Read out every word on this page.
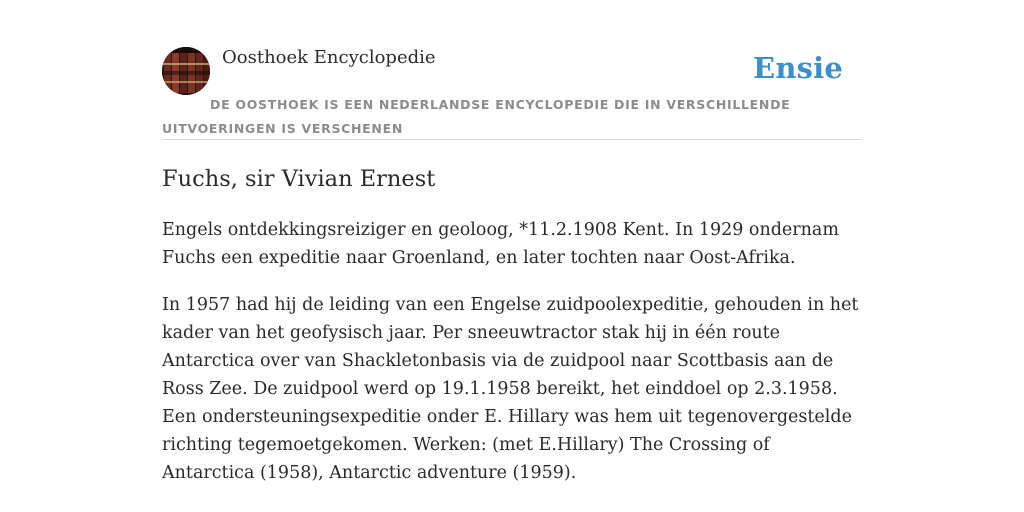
Oosthoek Encyclopedie	Ensie
DE OOSTHOEK IS EEN NEDERLANDSE ENCYCLOPEDIE DIE IN VERSCHILLENDE UITVOERINGEN IS VERSCHENEN
Fuchs, sir Vivian Ernest

Engels ontdekkingsreiziger en geoloog, *11.2.1908 Kent. In 1929 ondernam Fuchs een expeditie naar Groenland, en later tochten naar Oost-Afrika.

In 1957 had hij de leiding van een Engelse zuidpoolexpeditie, gehouden in het kader van het geofysisch jaar. Per sneeuwtractor stak hij in één route Antarctica over van Shackletonbasis via de zuidpool naar Scottbasis aan de Ross Zee. De zuidpool werd op 19.1.1958 bereikt, het einddoel op 2.3.1958. Een ondersteuningsexpeditie onder E. Hillary was hem uit tegenovergestelde richting tegemoetgekomen. Werken: (met E.Hillary) The Crossing of Antarctica (1958), Antarctic adventure (1959).
